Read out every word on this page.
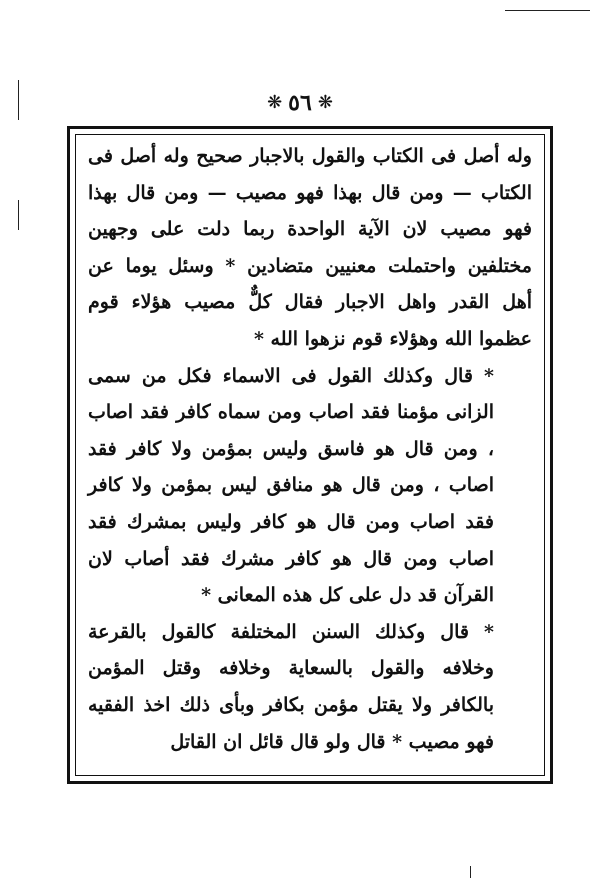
❋ ٥٦ ❋

وله أصل فى الكتاب والقول بالاجبار صحيح وله أصل فى الكتاب — ومن قال بهذا فهو مصيب — ومن قال بهذا فهو مصيب لان الآية الواحدة ربما دلت على وجهين مختلفين واحتملت معنيين متضادين * وسئل يوما عن أهل القدر واهل الاجبار فقال كلٌّ مصيب هؤلاء قوم عظموا الله وهؤلاء قوم نزهوا الله *

* قال وكذلك القول فى الاسماء فكل من سمى الزانى مؤمنا فقد اصاب ومن سماه كافر فقد اصاب ، ومن قال هو فاسق وليس بمؤمن ولا كافر فقد اصاب ، ومن قال هو منافق ليس بمؤمن ولا كافر فقد اصاب ومن قال هو كافر وليس بمشرك فقد اصاب ومن قال هو كافر مشرك فقد أصاب لان القرآن قد دل على كل هذه المعانى *

* قال وكذلك السنن المختلفة كالقول بالقرعة وخلافه والقول بالسعاية وخلافه وقتل المؤمن بالكافر ولا يقتل مؤمن بكافر وبأى ذلك اخذ الفقيه فهو مصيب * قال ولو قال قائل ان القاتل
